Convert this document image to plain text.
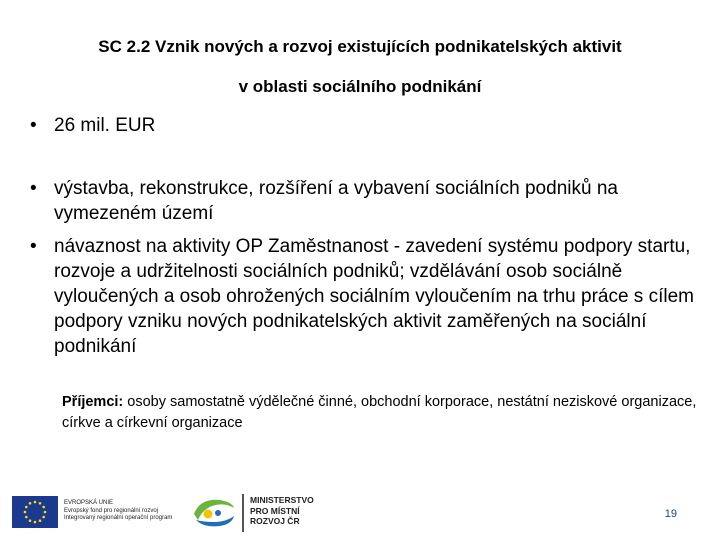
SC 2.2 Vznik nových a rozvoj existujících podnikatelských aktivit
v oblasti sociálního podnikání
• 26 mil. EUR
• výstavba, rekonstrukce, rozšíření a vybavení sociálních podniků na vymezeném území
• návaznost na aktivity OP Zaměstnanost - zavedení systému podpory startu, rozvoje a udržitelnosti sociálních podniků; vzdělávání osob sociálně vyloučených a osob ohrožených sociálním vyloučením na trhu práce s cílem podpory vzniku nových podnikatelských aktivit zaměřených na sociální podnikání
Příjemci: osoby samostatně výdělečné činné, obchodní korporace, nestátní neziskové organizace, církve a církevní organizace
EVROPSKÁ UNIE
Evropský fond pro regionální rozvoj
Integrovaný regionální operační program
MINISTERSTVO
PRO MÍSTNÍ
ROZVOJ ČR
19
